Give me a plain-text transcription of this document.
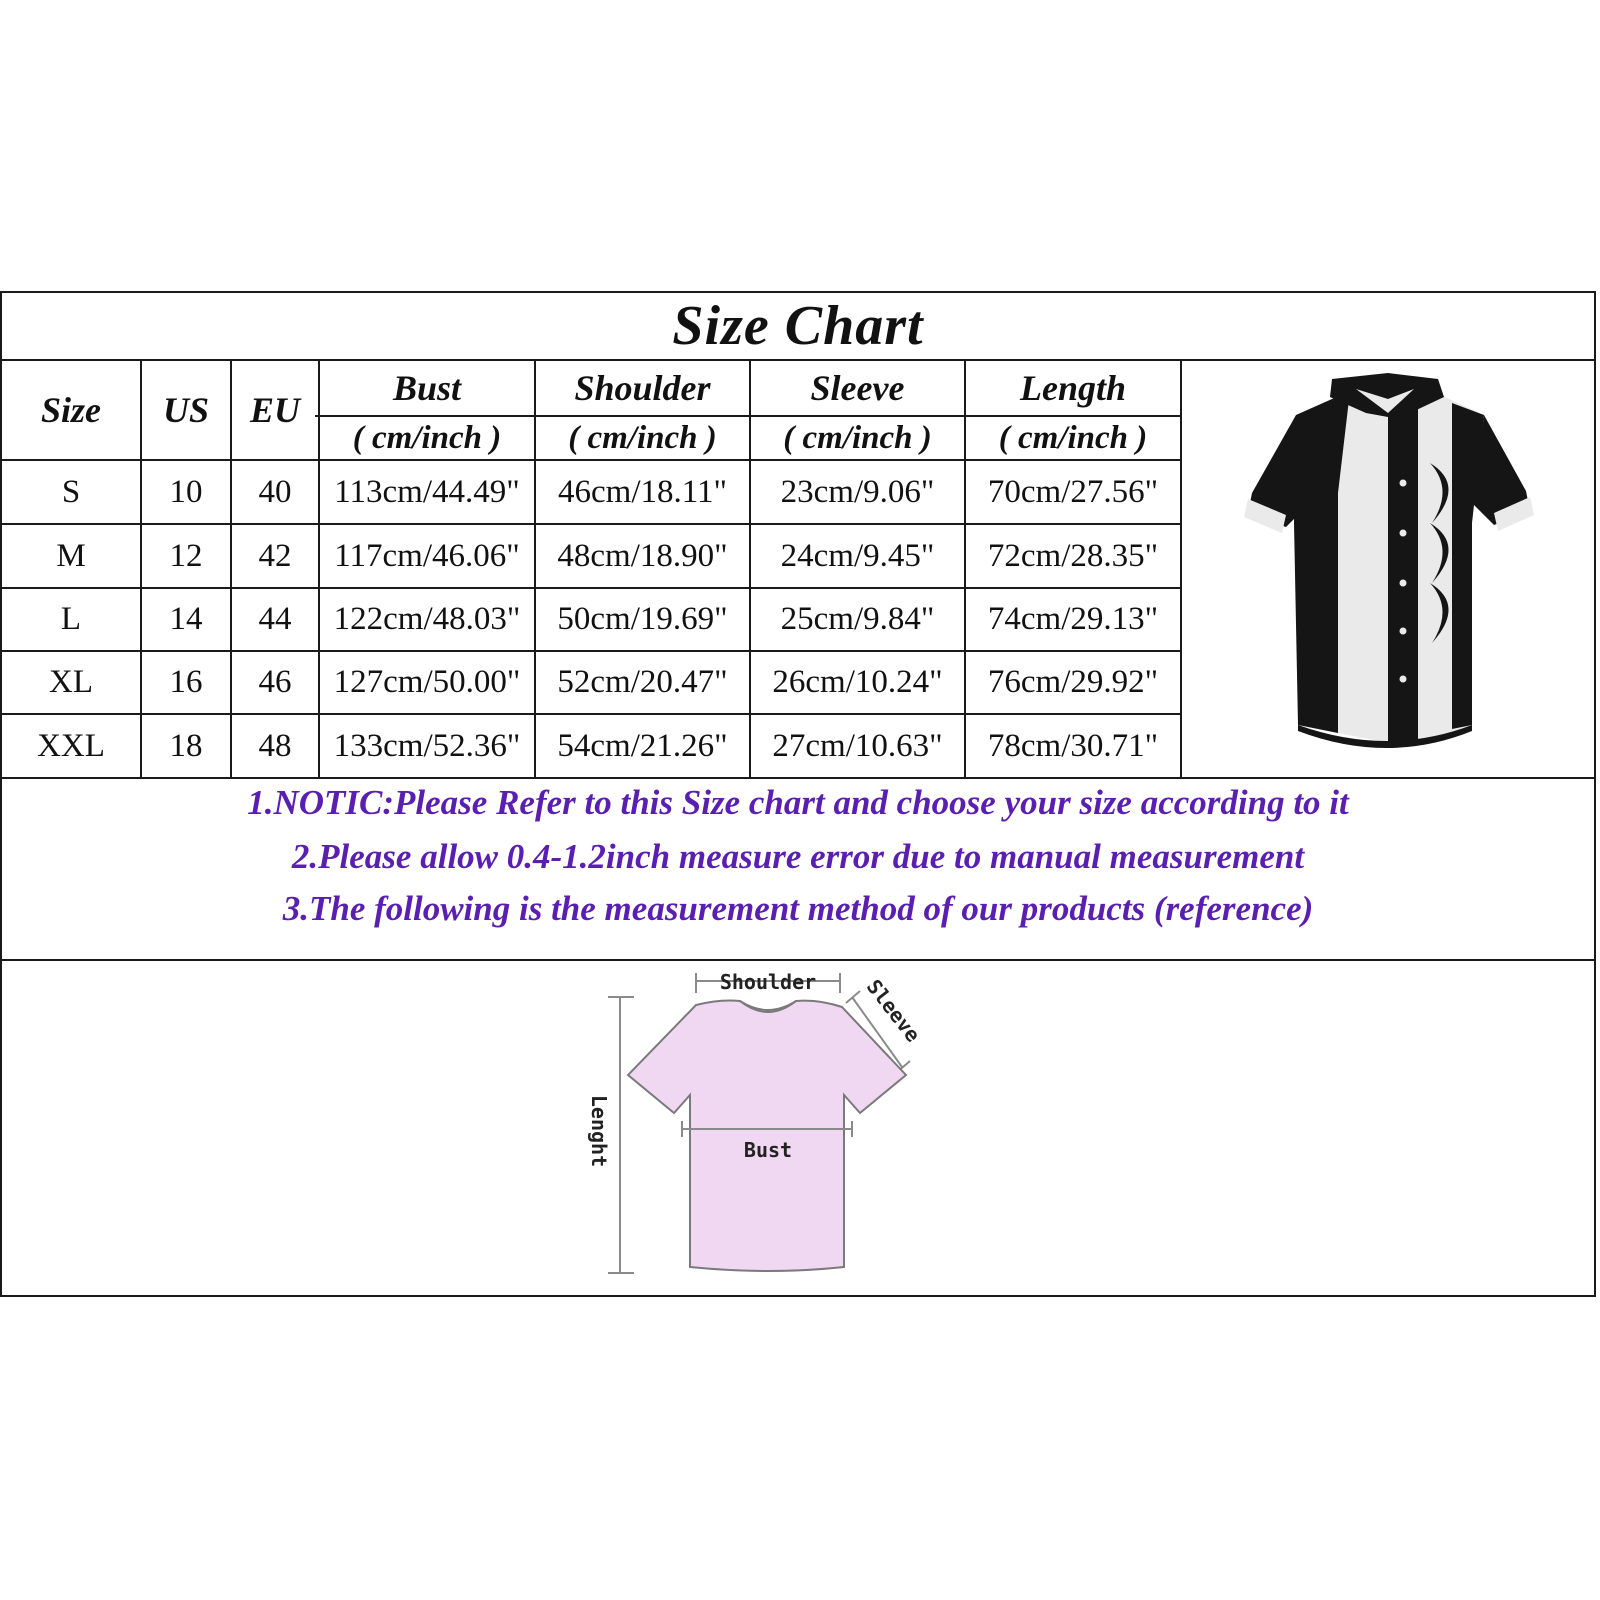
Size Chart
Size	US	EU
Bust	Shoulder	Sleeve	Length
( cm/inch )	( cm/inch )	( cm/inch )	( cm/inch )
S	10	40	113cm/44.49"	46cm/18.11"	23cm/9.06"	70cm/27.56"
M	12	42	117cm/46.06"	48cm/18.90"	24cm/9.45"	72cm/28.35"
L	14	44	122cm/48.03"	50cm/19.69"	25cm/9.84"	74cm/29.13"
XL	16	46	127cm/50.00"	52cm/20.47"	26cm/10.24"	76cm/29.92"
XXL	18	48	133cm/52.36"	54cm/21.26"	27cm/10.63"	78cm/30.71"
1.NOTIC:Please Refer to this Size chart and choose your size according to it
2.Please allow 0.4-1.2inch measure error due to manual measurement
3.The following is the measurement method of our products (reference)
Shoulder Sleeve
Bust
Lenght
